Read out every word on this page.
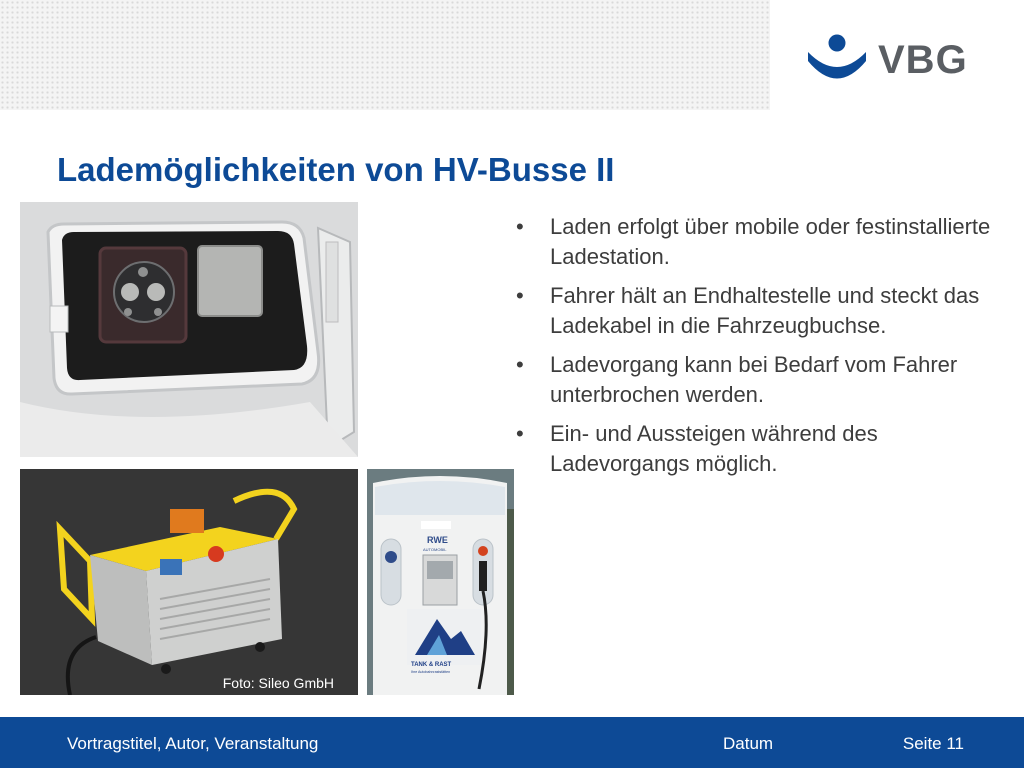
VBG
Lademöglichkeiten von HV-Busse II
Foto: Sileo GmbH
RWE
AUTOMOBIL
TANK & RAST
Ihre Autobahnraststätten
• Laden erfolgt über mobile oder festinstallierte Ladestation.
• Fahrer hält an Endhaltestelle und steckt das Ladekabel in die Fahrzeugbuchse.
• Ladevorgang kann bei Bedarf vom Fahrer unterbrochen werden.
• Ein- und Aussteigen während des Ladevorgangs möglich.
Vortragstitel, Autor, Veranstaltung	Datum	Seite 11
